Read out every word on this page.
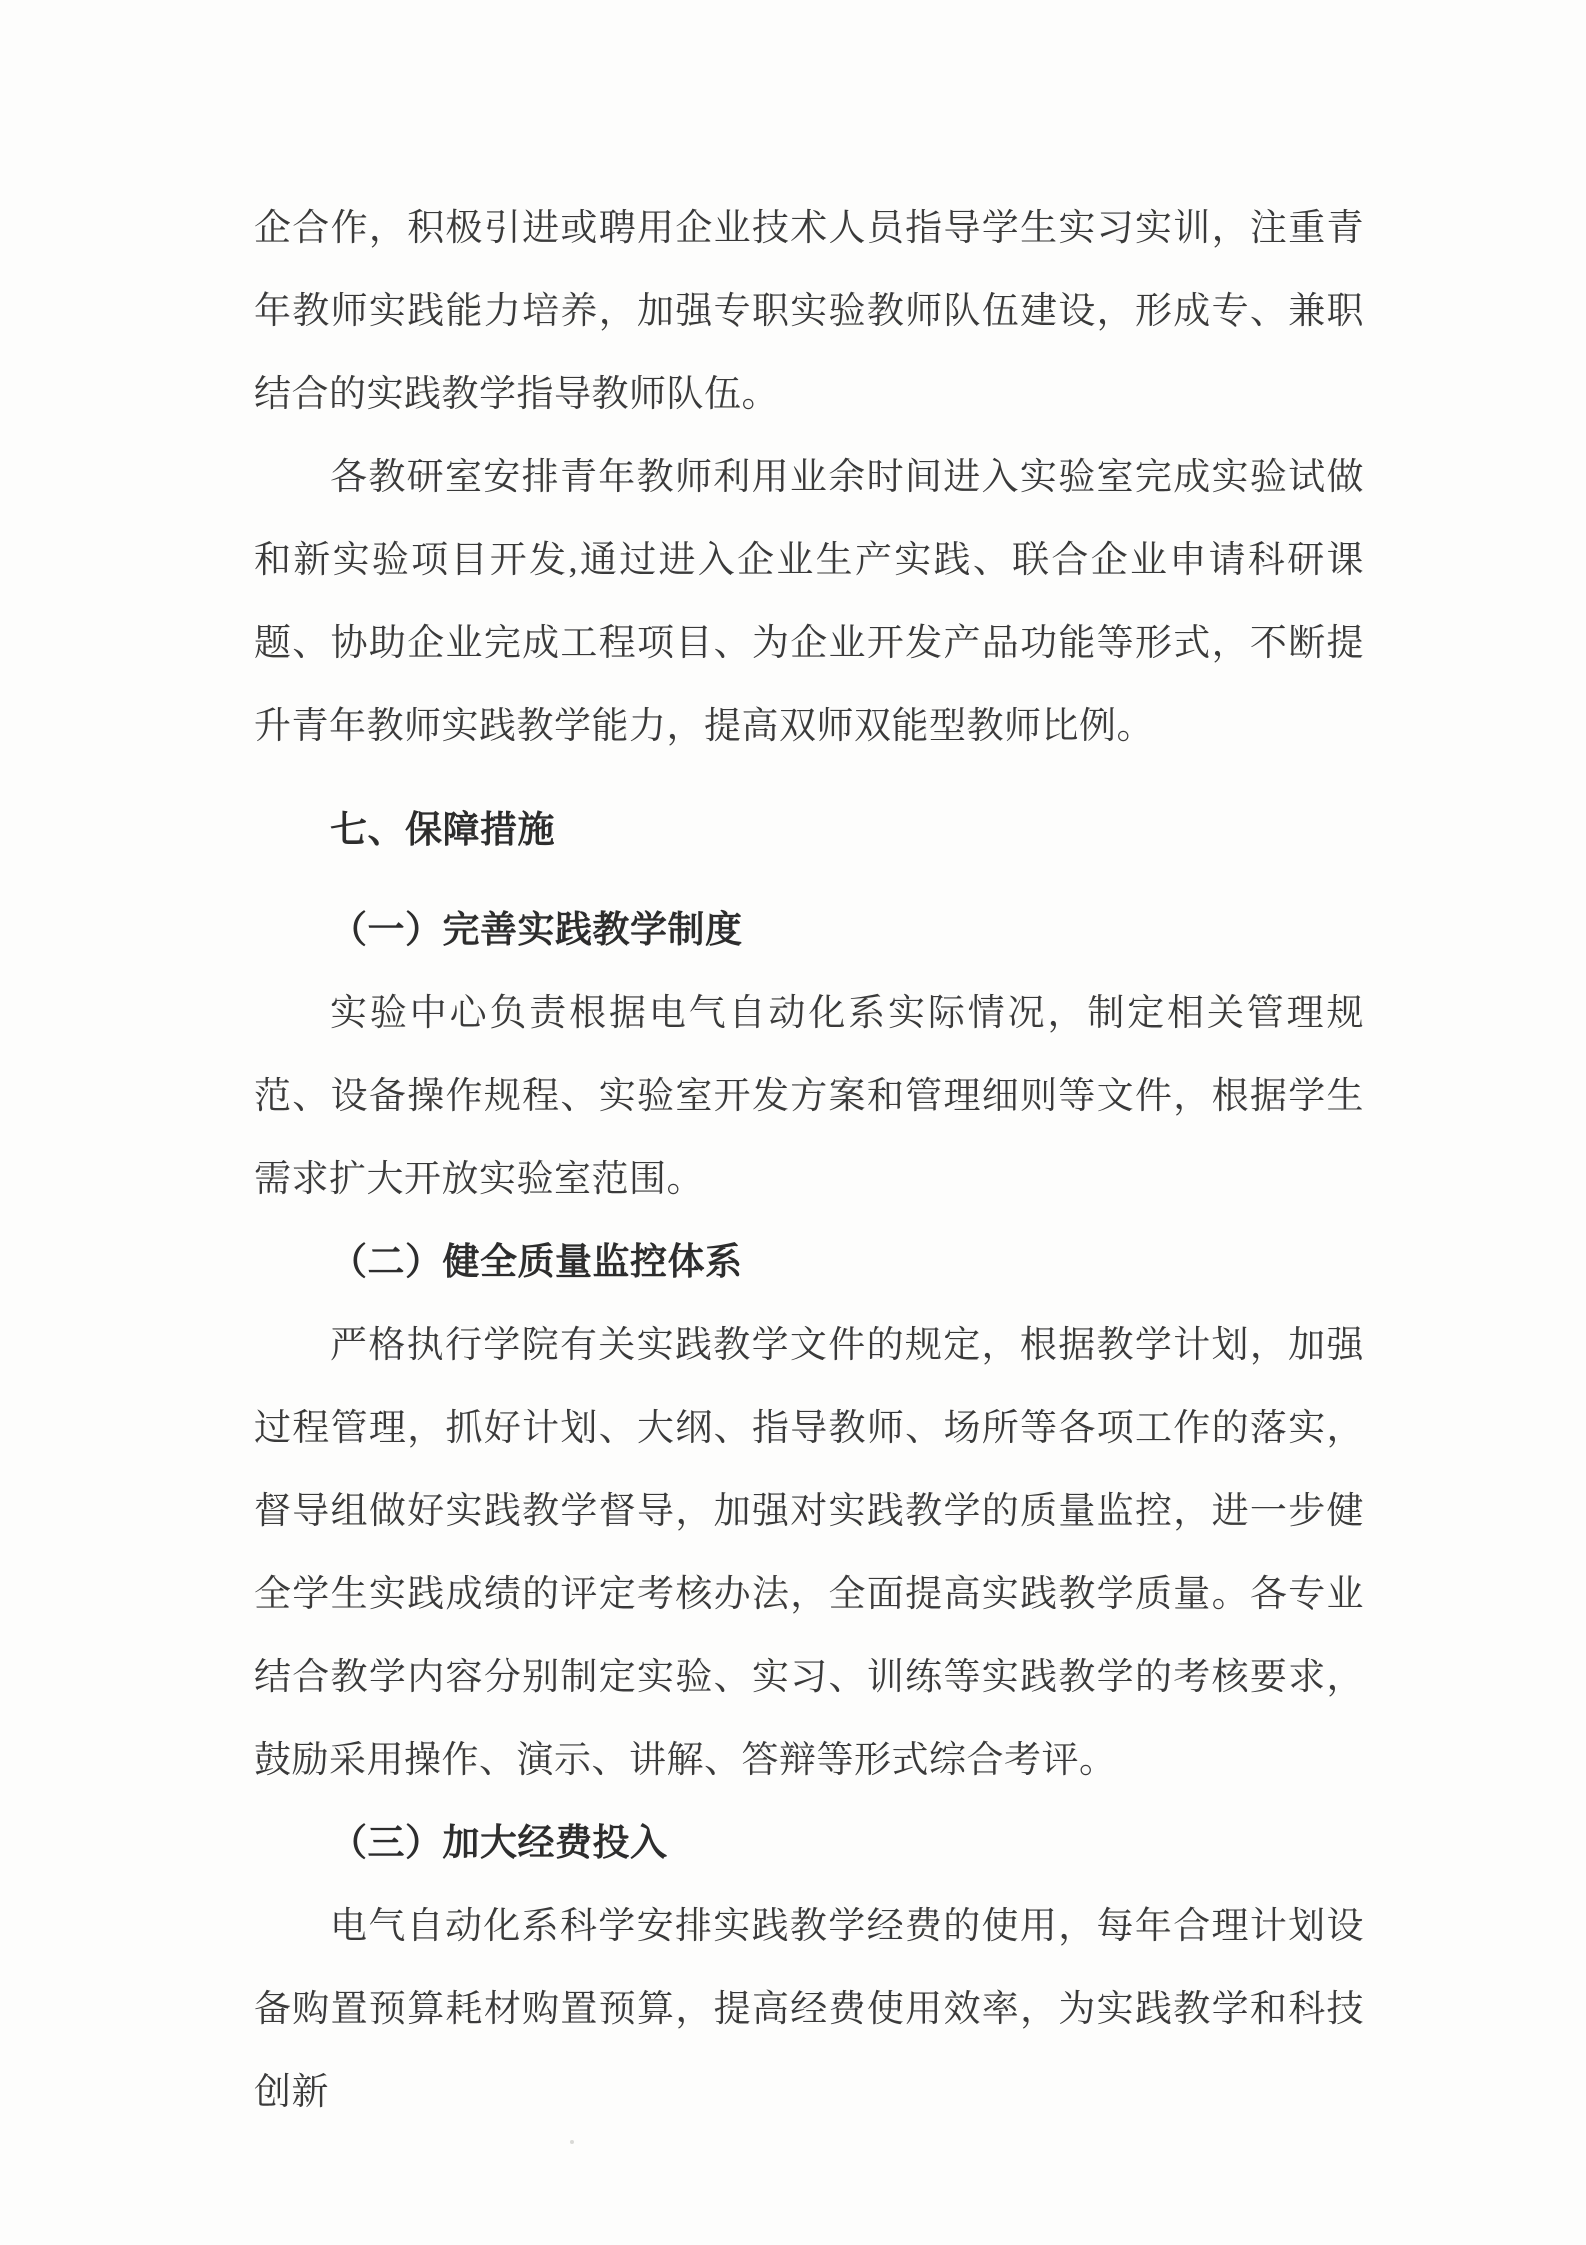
企合作，积极引进或聘用企业技术人员指导学生实习实训，注重青年教师实践能力培养，加强专职实验教师队伍建设，形成专、兼职结合的实践教学指导教师队伍。

各教研室安排青年教师利用业余时间进入实验室完成实验试做和新实验项目开发,通过进入企业生产实践、联合企业申请科研课题、协助企业完成工程项目、为企业开发产品功能等形式，不断提升青年教师实践教学能力，提高双师双能型教师比例。

七、保障措施

（一）完善实践教学制度

实验中心负责根据电气自动化系实际情况，制定相关管理规范、设备操作规程、实验室开发方案和管理细则等文件，根据学生需求扩大开放实验室范围。

（二）健全质量监控体系

严格执行学院有关实践教学文件的规定，根据教学计划，加强过程管理，抓好计划、大纲、指导教师、场所等各项工作的落实，督导组做好实践教学督导，加强对实践教学的质量监控，进一步健全学生实践成绩的评定考核办法，全面提高实践教学质量。各专业结合教学内容分别制定实验、实习、训练等实践教学的考核要求，鼓励采用操作、演示、讲解、答辩等形式综合考评。

（三）加大经费投入

电气自动化系科学安排实践教学经费的使用，每年合理计划设备购置预算耗材购置预算，提高经费使用效率，为实践教学和科技创新
